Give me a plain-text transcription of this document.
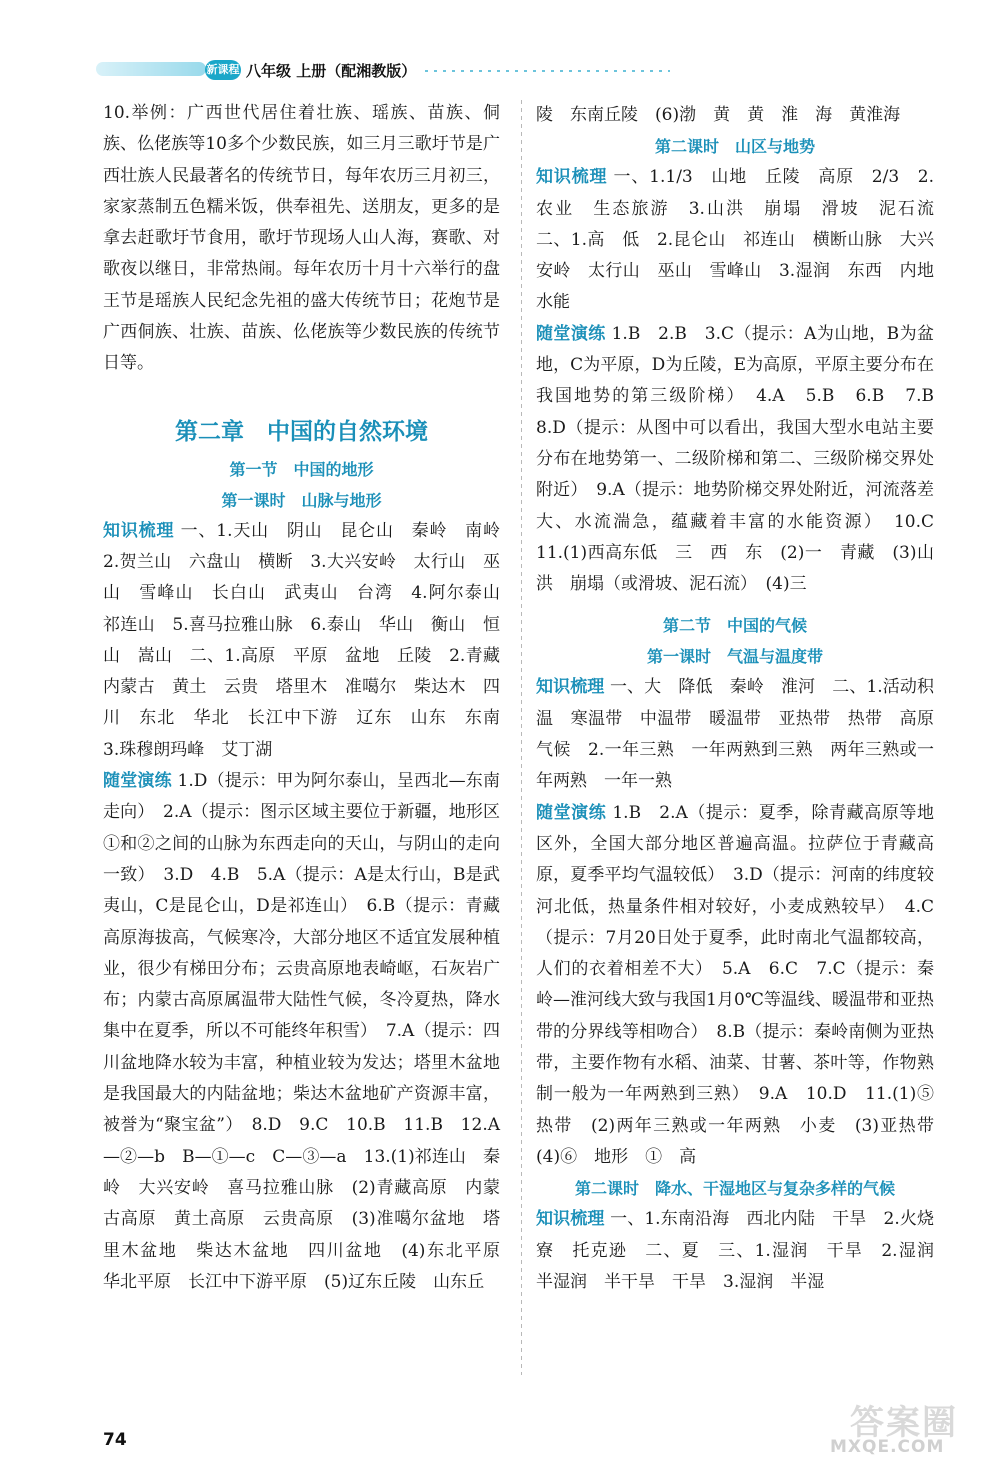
新课程 八年级 上册（配湘教版）

10.举例：广西世代居住着壮族、瑶族、苗族、侗族、仫佬族等10多个少数民族，如三月三歌圩节是广西壮族人民最著名的传统节日，每年农历三月初三，家家蒸制五色糯米饭，供奉祖先、送朋友，更多的是拿去赶歌圩节食用，歌圩节现场人山人海，赛歌、对歌夜以继日，非常热闹。每年农历十月十六举行的盘王节是瑶族人民纪念先祖的盛大传统节日；花炮节是广西侗族、壮族、苗族、仫佬族等少数民族的传统节日等。

第二章　中国的自然环境

第一节　中国的地形

第一课时　山脉与地形

知识梳理 一、1.天山　阴山　昆仑山　秦岭　南岭　2.贺兰山　六盘山　横断　3.大兴安岭　太行山　巫山　雪峰山　长白山　武夷山　台湾　4.阿尔泰山　祁连山　5.喜马拉雅山脉　6.泰山　华山　衡山　恒山　嵩山　二、1.高原　平原　盆地　丘陵　2.青藏　内蒙古　黄土　云贵　塔里木　准噶尔　柴达木　四川　东北　华北　长江中下游　辽东　山东　东南　3.珠穆朗玛峰　艾丁湖

随堂演练 1.D（提示：甲为阿尔泰山，呈西北—东南走向）　2.A（提示：图示区域主要位于新疆，地形区①和②之间的山脉为东西走向的天山，与阴山的走向一致）　3.D　4.B　5.A（提示：A是太行山，B是武夷山，C是昆仑山，D是祁连山）　6.B（提示：青藏高原海拔高，气候寒冷，大部分地区不适宜发展种植业，很少有梯田分布；云贵高原地表崎岖，石灰岩广布；内蒙古高原属温带大陆性气候，冬冷夏热，降水集中在夏季，所以不可能终年积雪）　7.A（提示：四川盆地降水较为丰富，种植业较为发达；塔里木盆地是我国最大的内陆盆地；柴达木盆地矿产资源丰富，被誉为“聚宝盆”）　8.D　9.C　10.B　11.B　12.A—②—b　B—①—c　C—③—a　13.(1)祁连山　秦岭　大兴安岭　喜马拉雅山脉　(2)青藏高原　内蒙古高原　黄土高原　云贵高原　(3)准噶尔盆地　塔里木盆地　柴达木盆地　四川盆地　(4)东北平原　华北平原　长江中下游平原　(5)辽东丘陵　山东丘

陵　东南丘陵　(6)渤　黄　黄　淮　海　黄淮海

第二课时　山区与地势

知识梳理 一、1.1/3　山地　丘陵　高原　2/3　2.农业　生态旅游　3.山洪　崩塌　滑坡　泥石流　二、1.高　低　2.昆仑山　祁连山　横断山脉　大兴安岭　太行山　巫山　雪峰山　3.湿润　东西　内地　水能

随堂演练 1.B　2.B　3.C（提示：A为山地，B为盆地，C为平原，D为丘陵，E为高原，平原主要分布在我国地势的第三级阶梯）　4.A　5.B　6.B　7.B　8.D（提示：从图中可以看出，我国大型水电站主要分布在地势第一、二级阶梯和第二、三级阶梯交界处附近）　9.A（提示：地势阶梯交界处附近，河流落差大、水流湍急，蕴藏着丰富的水能资源）　10.C　11.(1)西高东低　三　西　东　(2)一　青藏　(3)山洪　崩塌（或滑坡、泥石流）　(4)三

第二节　中国的气候

第一课时　气温与温度带

知识梳理 一、大　降低　秦岭　淮河　二、1.活动积温　寒温带　中温带　暖温带　亚热带　热带　高原气候　2.一年三熟　一年两熟到三熟　两年三熟或一年两熟　一年一熟

随堂演练 1.B　2.A（提示：夏季，除青藏高原等地区外，全国大部分地区普遍高温。拉萨位于青藏高原，夏季平均气温较低）　3.D（提示：河南的纬度较河北低，热量条件相对较好，小麦成熟较早）　4.C（提示：7月20日处于夏季，此时南北气温都较高，人们的衣着相差不大）　5.A　6.C　7.C（提示：秦岭—淮河线大致与我国1月0℃等温线、暖温带和亚热带的分界线等相吻合）　8.B（提示：秦岭南侧为亚热带，主要作物有水稻、油菜、甘薯、茶叶等，作物熟制一般为一年两熟到三熟）　9.A　10.D　11.(1)⑤热带　(2)两年三熟或一年两熟　小麦　(3)亚热带　(4)⑥　地形　①　高

第二课时　降水、干湿地区与复杂多样的气候

知识梳理 一、1.东南沿海　西北内陆　干旱　2.火烧寮　托克逊　二、夏　三、1.湿润　干旱　2.湿润　半湿润　半干旱　干旱　3.湿润　半湿

74	答案圈
MXQE.COM
